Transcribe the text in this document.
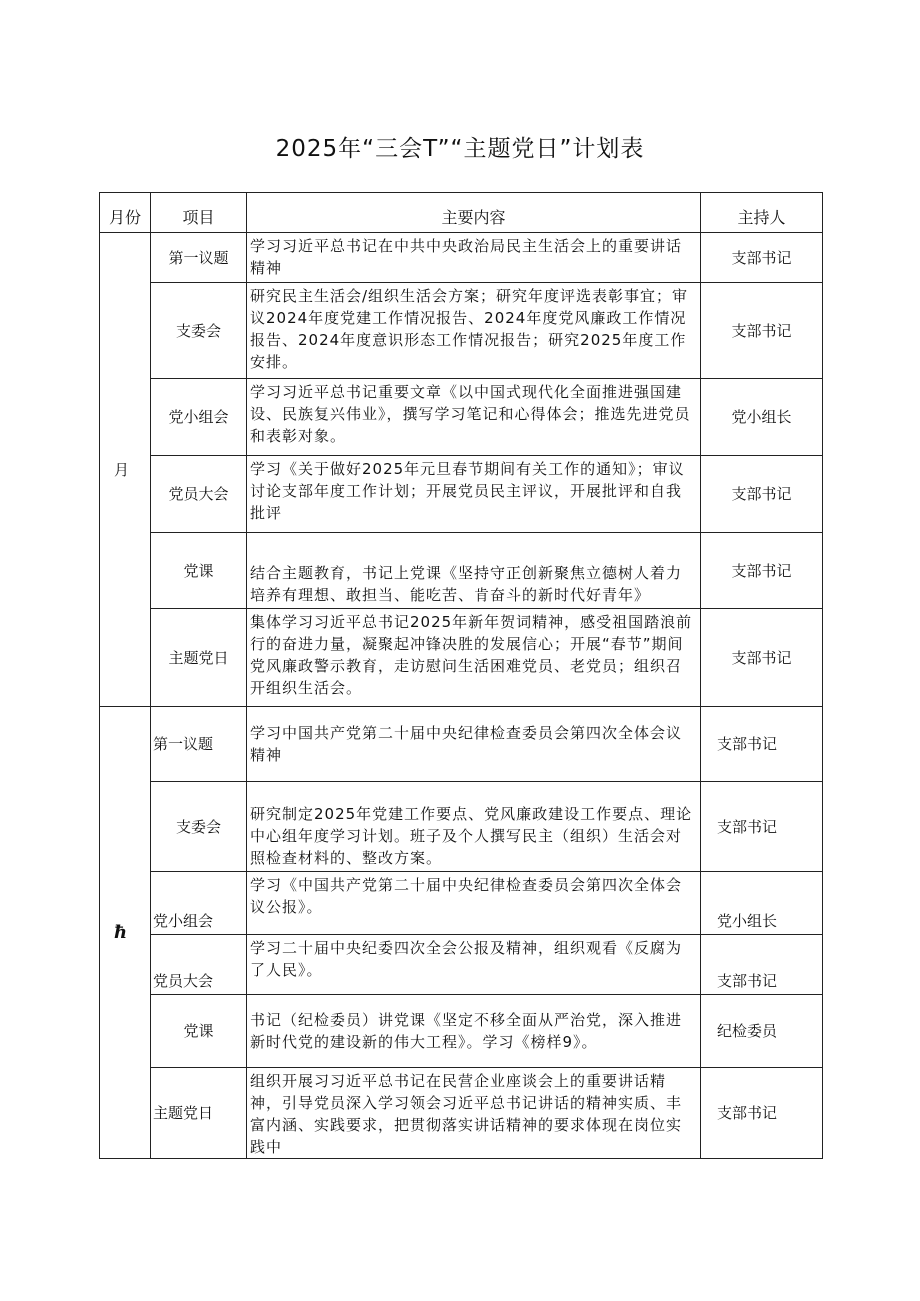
2025年“三会T”“主题党日”计划表
月份	项目	主要内容	主持人
月	第一议题	学习习近平总书记在中共中央政治局民主生活会上的重要讲话精神	支部书记
	支委会	研究民主生活会/组织生活会方案；研究年度评选表彰事宜；审议2024年度党建工作情况报告、2024年度党风廉政工作情况报告、2024年度意识形态工作情况报告；研究2025年度工作安排。	支部书记
	党小组会	学习习近平总书记重要文章《以中国式现代化全面推进强国建设、民族复兴伟业》，撰写学习笔记和心得体会；推选先进党员和表彰对象。	党小组长
	党员大会	学习《关于做好2025年元旦春节期间有关工作的通知》；审议讨论支部年度工作计划；开展党员民主评议，开展批评和自我批评	支部书记
	党课	结合主题教育，书记上党课《坚持守正创新聚焦立德树人着力培养有理想、敢担当、能吃苦、肯奋斗的新时代好青年》	支部书记
	主题党日	集体学习习近平总书记2025年新年贺词精神，感受祖国踏浪前行的奋进力量，凝聚起冲锋决胜的发展信心；开展“春节”期间党风廉政警示教育，走访慰问生活困难党员、老党员；组织召开组织生活会。	支部书记
ħ	第一议题	学习中国共产党第二十届中央纪律检查委员会第四次全体会议精神	支部书记
	支委会	研究制定2025年党建工作要点、党风廉政建设工作要点、理论中心组年度学习计划。班子及个人撰写民主（组织）生活会对照检查材料的、整改方案。	支部书记
	党小组会	学习《中国共产党第二十届中央纪律检查委员会第四次全体会议公报》。	党小组长
	党员大会	学习二十届中央纪委四次全会公报及精神，组织观看《反腐为了人民》。	支部书记
	党课	书记（纪检委员）讲党课《坚定不移全面从严治党，深入推进新时代党的建设新的伟大工程》。学习《榜样9》。	纪检委员
	主题党日	组织开展习习近平总书记在民营企业座谈会上的重要讲话精神，引导党员深入学习领会习近平总书记讲话的精神实质、丰富内涵、实践要求，把贯彻落实讲话精神的要求体现在岗位实践中	支部书记
